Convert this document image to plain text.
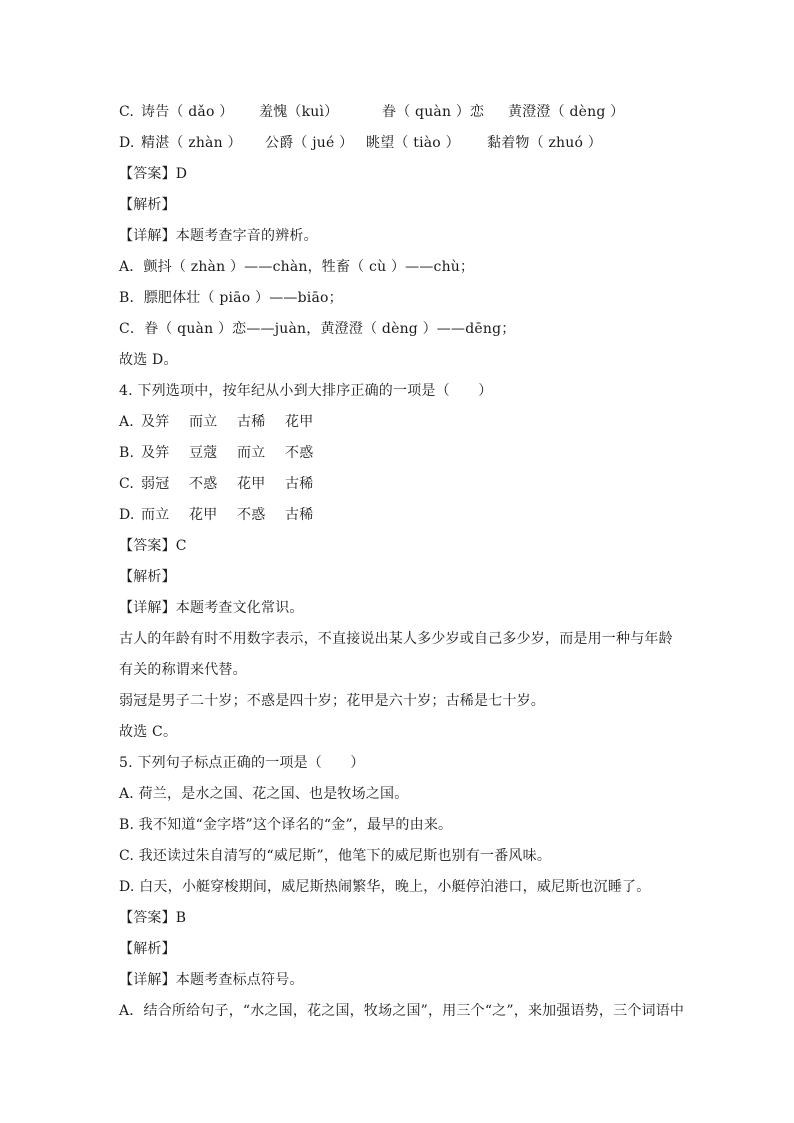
C. 诪告（ dǎo ）	羞愧（kuì）	眷（ quàn ）恋	黄澄澄（ dèng ）
D. 精湛（ zhàn ）	公爵（ jué ） 眺望（ tiào ）	黏着物（ zhuó ）
【答案】D
【解析】
【详解】本题考查字音的辨析。
A．颤抖（ zhàn ）——chàn，牲畜（ cù ）——chù；
B．膘肥体壮（ piāo ）——biāo；
C．眷（ quàn ）恋——juàn，黄澄澄（ dèng ）——dēng；
故选 D。
4. 下列选项中，按年纪从小到大排序正确的一项是（　　）
A. 及笄	而立	古稀	花甲
B. 及笄	豆蔻	而立	不惑
C. 弱冠	不惑	花甲	古稀
D. 而立	花甲	不惑	古稀
【答案】C
【解析】
【详解】本题考查文化常识。
古人的年龄有时不用数字表示，不直接说出某人多少岁或自己多少岁，而是用一种与年龄有关的称谓来代替。
弱冠是男子二十岁；不惑是四十岁；花甲是六十岁；古稀是七十岁。
故选 C。
5. 下列句子标点正确的一项是（　　）
A. 荷兰，是水之国、花之国、也是牧场之国。
B. 我不知道“金字塔”这个译名的“金”，最早的由来。
C. 我还读过朱自清写的“威尼斯”，他笔下的威尼斯也别有一番风味。
D. 白天，小艇穿梭期间，威尼斯热闹繁华，晚上，小艇停泊港口，威尼斯也沉睡了。
【答案】B
【解析】
【详解】本题考查标点符号。
A．结合所给句子，“水之国，花之国，牧场之国”，用三个“之”，来加强语势，三个词语中
